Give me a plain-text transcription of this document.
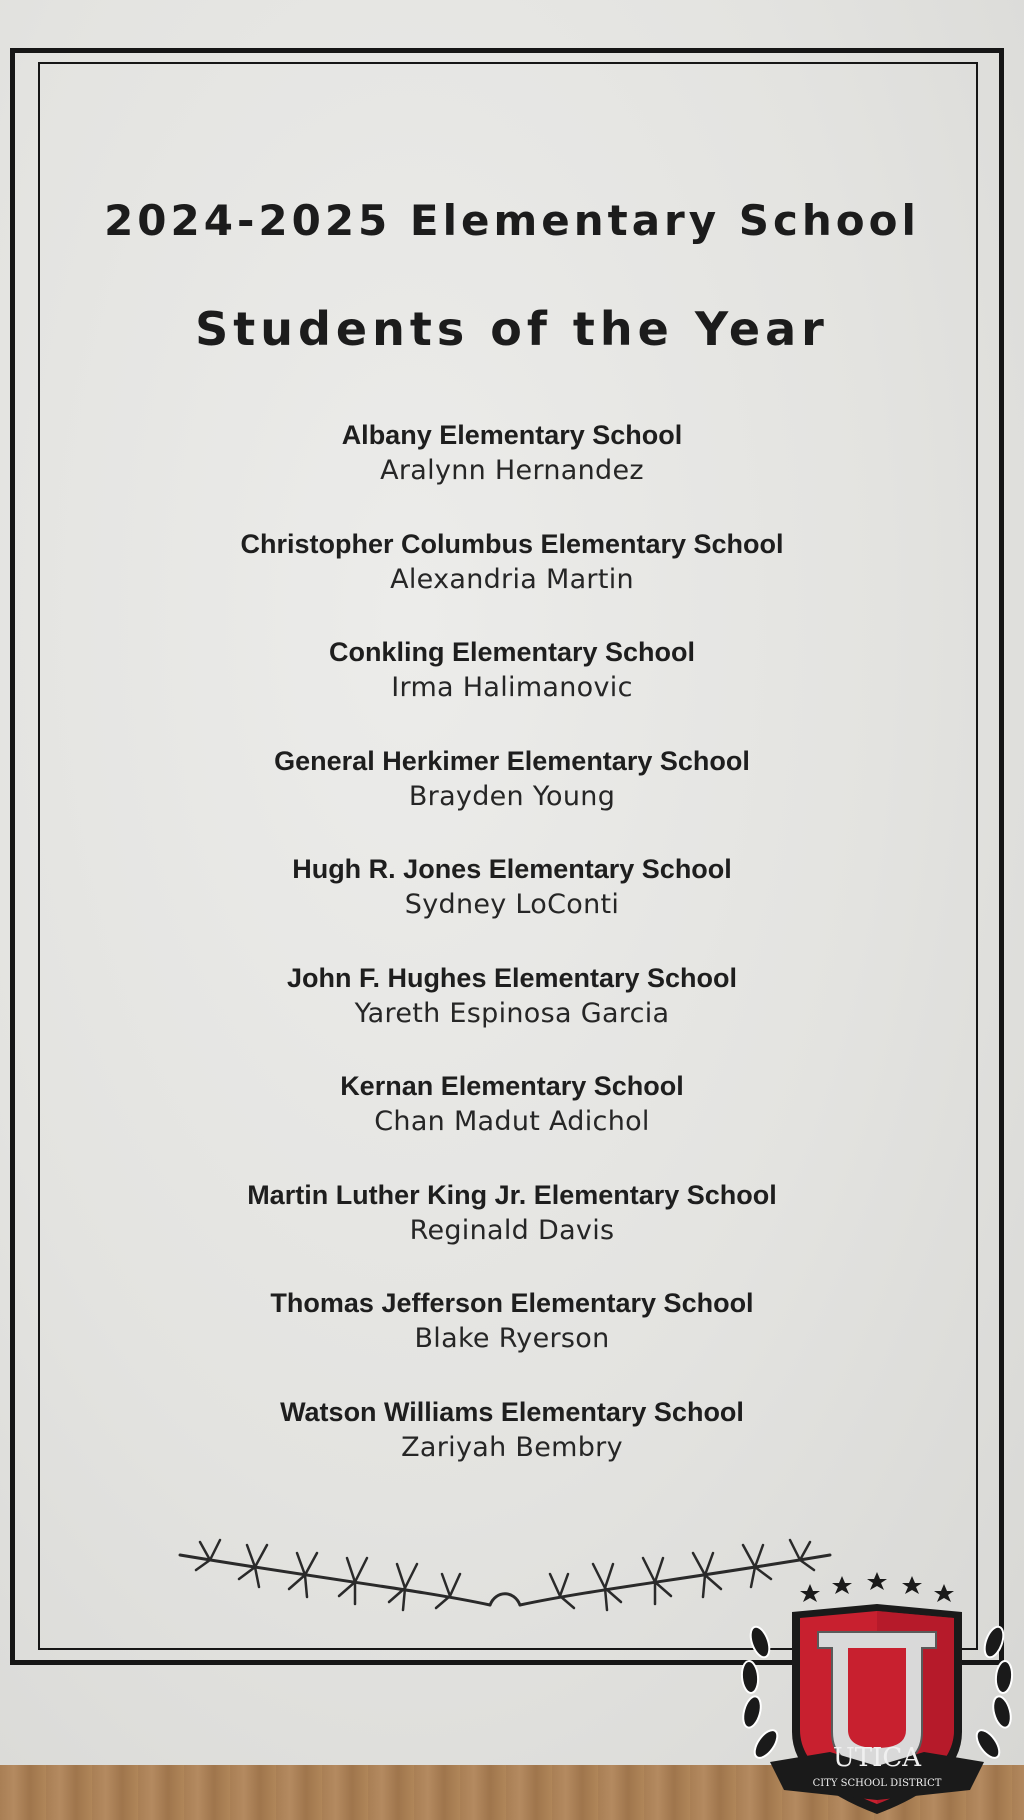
2024-2025 Elementary School
Students of the Year
Albany Elementary School
Aralynn Hernandez
Christopher Columbus Elementary School
Alexandria Martin
Conkling Elementary School
Irma Halimanovic
General Herkimer Elementary School
Brayden Young
Hugh R. Jones Elementary School
Sydney LoConti
John F. Hughes Elementary School
Yareth Espinosa Garcia
Kernan Elementary School
Chan Madut Adichol
Martin Luther King Jr. Elementary School
Reginald Davis
Thomas Jefferson Elementary School
Blake Ryerson
Watson Williams Elementary School
Zariyah Bembry
UTICA
CITY SCHOOL DISTRICT
